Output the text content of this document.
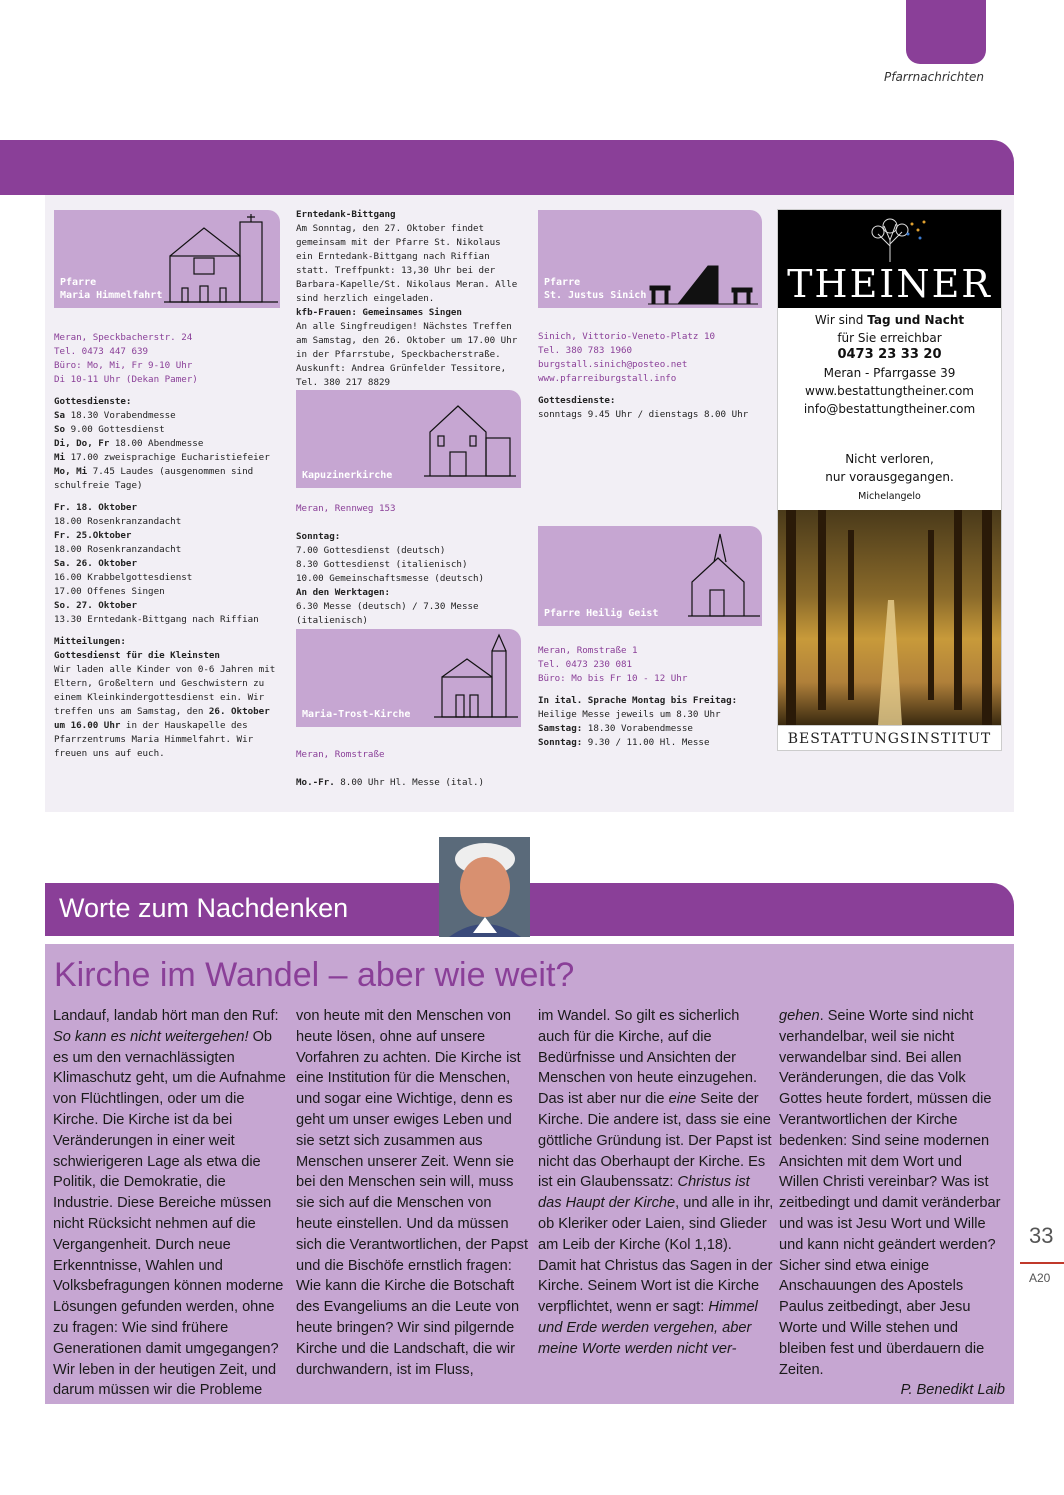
Pfarrnachrichten
Pfarre
Maria Himmelfahrt
Meran, Speckbacherstr. 24
Tel. 0473 447 639
Büro: Mo, Mi, Fr 9-10 Uhr
Di 10-11 Uhr (Dekan Pamer)
Gottesdienste:
Sa 18.30 Vorabendmesse
So 9.00 Gottesdienst
Di, Do, Fr 18.00 Abendmesse
Mi 17.00 zweisprachige Eucharistiefeier
Mo, Mi 7.45 Laudes (ausgenommen sind schulfreie Tage)
Fr. 18. Oktober
18.00 Rosenkranzandacht
Fr. 25.Oktober
18.00 Rosenkranzandacht
Sa. 26. Oktober
16.00 Krabbelgottesdienst
17.00 Offenes Singen
So. 27. Oktober
13.30 Erntedank-Bittgang nach Riffian
Mitteilungen:
Gottesdienst für die Kleinsten
Wir laden alle Kinder von 0-6 Jahren mit Eltern, Großeltern und Geschwistern zu einem Kleinkindergottesdienst ein. Wir treffen uns am Samstag, den 26. Oktober um 16.00 Uhr in der Hauskapelle des Pfarrzentrums Maria Himmelfahrt. Wir freuen uns auf euch.
Erntedank-Bittgang
Am Sonntag, den 27. Oktober findet gemeinsam mit der Pfarre St. Nikolaus ein Erntedank-Bittgang nach Riffian statt. Treffpunkt: 13,30 Uhr bei der Barbara-Kapelle/St. Nikolaus Meran. Alle sind herzlich eingeladen.
kfb-Frauen: Gemeinsames Singen
An alle Singfreudigen! Nächstes Treffen am Samstag, den 26. Oktober um 17.00 Uhr in der Pfarrstube, Speckbacherstraße.
Auskunft: Andrea Grünfelder Tessitore,
Tel. 380 217 8829
Kapuzinerkirche
Meran, Rennweg 153
Sonntag:
7.00 Gottesdienst (deutsch)
8.30 Gottesdienst (italienisch)
10.00 Gemeinschaftsmesse (deutsch)
An den Werktagen:
6.30 Messe (deutsch) / 7.30 Messe (italienisch)
Maria-Trost-Kirche
Meran, Romstraße
Mo.-Fr. 8.00 Uhr Hl. Messe (ital.)
Pfarre
St. Justus Sinich
Sinich, Vittorio-Veneto-Platz 10
Tel. 380 783 1960
burgstall.sinich@posteo.net
www.pfarreiburgstall.info
Gottesdienste:
sonntags 9.45 Uhr / dienstags 8.00 Uhr
Pfarre Heilig Geist
Meran, Romstraße 1
Tel. 0473 230 081
Büro: Mo bis Fr 10 - 12 Uhr
In ital. Sprache Montag bis Freitag:
Heilige Messe jeweils um 8.30 Uhr
Samstag: 18.30 Vorabendmesse
Sonntag: 9.30 / 11.00 Hl. Messe
THEINER
Wir sind Tag und Nacht
für Sie erreichbar
0473 23 33 20
Meran - Pfarrgasse 39
www.bestattungtheiner.com
info@bestattungtheiner.com
Nicht verloren,
nur vorausgegangen.
Michelangelo
BESTATTUNGSINSTITUT
Worte zum Nachdenken
Kirche im Wandel – aber wie weit?
Landauf, landab hört man den Ruf: So kann es nicht weitergehen! Ob es um den vernachlässigten Klimaschutz geht, um die Aufnahme von Flüchtlingen, oder um die Kirche. Die Kirche ist da bei Veränderungen in einer weit schwierigeren Lage als etwa die Politik, die Demokratie, die Industrie. Diese Bereiche müssen nicht Rücksicht nehmen auf die Vergangenheit. Durch neue Erkenntnisse, Wahlen und Volksbefragungen können moderne Lösungen gefunden werden, ohne zu fragen: Wie sind frühere Generationen damit umgegangen? Wir leben in der heutigen Zeit, und darum müssen wir die Probleme
von heute mit den Menschen von heute lösen, ohne auf unsere Vorfahren zu achten. Die Kirche ist eine Institution für die Menschen, und sogar eine Wichtige, denn es geht um unser ewiges Leben und sie setzt sich zusammen aus Menschen unserer Zeit. Wenn sie bei den Menschen sein will, muss sie sich auf die Menschen von heute einstellen. Und da müssen sich die Verantwortlichen, der Papst und die Bischöfe ernstlich fragen: Wie kann die Kirche die Botschaft des Evangeliums an die Leute von heute bringen? Wir sind pilgernde Kirche und die Landschaft, die wir durchwandern, ist im Fluss,
im Wandel. So gilt es sicherlich auch für die Kirche, auf die Bedürfnisse und Ansichten der Menschen von heute einzugehen. Das ist aber nur die eine Seite der Kirche. Die andere ist, dass sie eine göttliche Gründung ist. Der Papst ist nicht das Oberhaupt der Kirche. Es ist ein Glaubenssatz: Christus ist das Haupt der Kirche, und alle in ihr, ob Kleriker oder Laien, sind Glieder am Leib der Kirche (Kol 1,18). Damit hat Christus das Sagen in der Kirche. Seinem Wort ist die Kirche verpflichtet, wenn er sagt: Himmel und Erde werden vergehen, aber meine Worte werden nicht ver-
gehen. Seine Worte sind nicht verhandelbar, weil sie nicht verwandelbar sind. Bei allen Veränderungen, die das Volk Gottes heute fordert, müssen die Verantwortlichen der Kirche bedenken: Sind seine modernen Ansichten mit dem Wort und Willen Christi vereinbar? Was ist zeitbedingt und damit veränderbar und was ist Jesu Wort und Wille und kann nicht geändert werden? Sicher sind etwa einige Anschauungen des Apostels Paulus zeitbedingt, aber Jesu Worte und Wille stehen und bleiben fest und überdauern die Zeiten.
P. Benedikt Laib
33
A20
